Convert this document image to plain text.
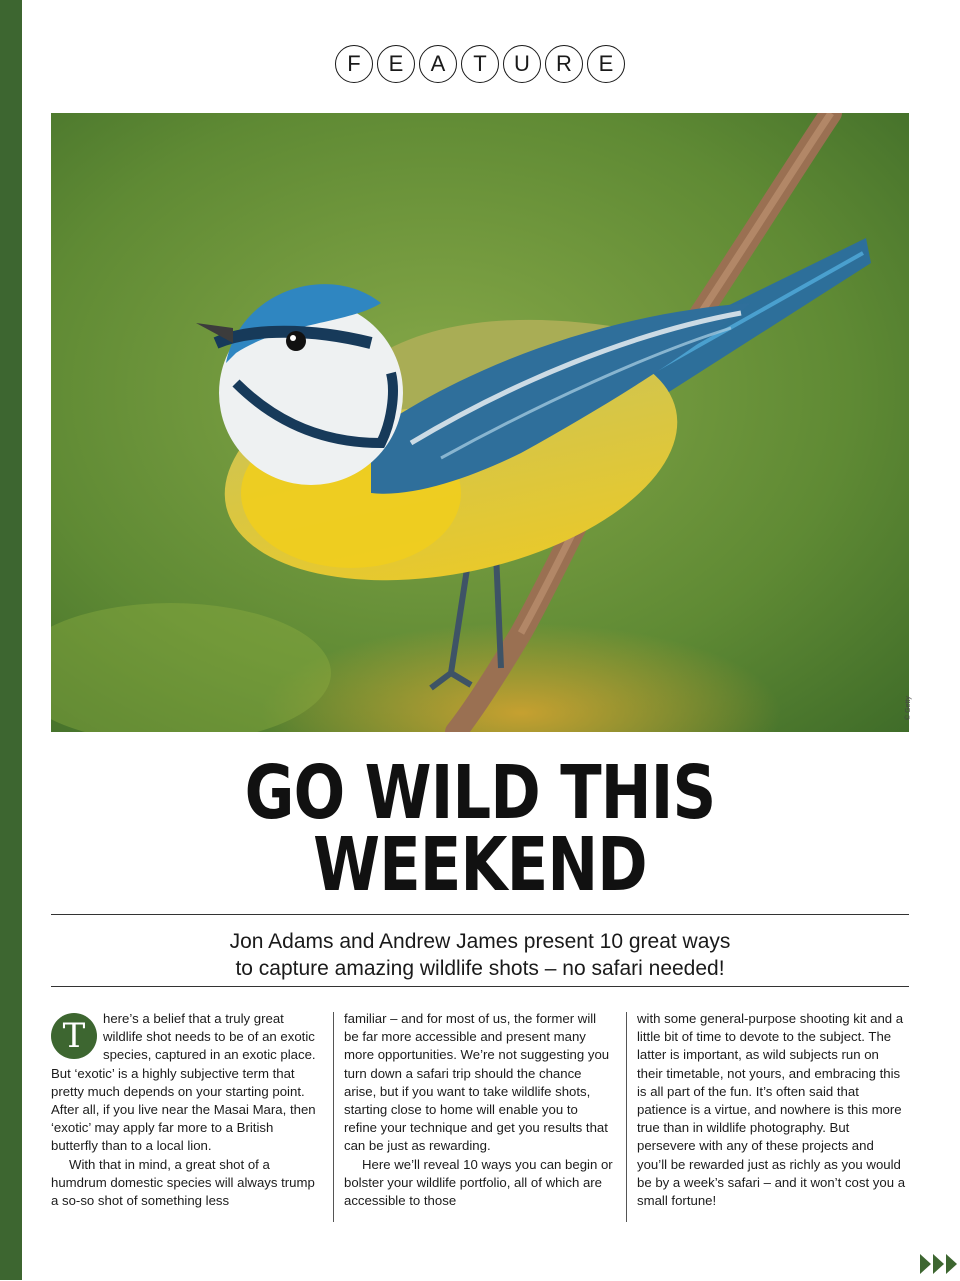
F	E	A	T	U	R	E
© Getty
GO WILD THIS
WEEKEND
Jon Adams and Andrew James present 10 great ways
to capture amazing wildlife shots – no safari needed!
T	here’s a belief that a truly great wildlife shot needs to be of an exotic species, captured in an exotic place. But ‘exotic’ is a highly subjective term that pretty much depends on your starting point. After all, if you live near the Masai Mara, then ‘exotic’ may apply far more to a British butterfly than to a local lion.

With that in mind, a great shot of a humdrum domestic species will always trump a so-so shot of something less

familiar – and for most of us, the former will be far more accessible and present many more opportunities. We’re not suggesting you turn down a safari trip should the chance arise, but if you want to take wildlife shots, starting close to home will enable you to refine your technique and get you results that can be just as rewarding.

Here we’ll reveal 10 ways you can begin or bolster your wildlife portfolio, all of which are accessible to those

with some general-purpose shooting kit and a little bit of time to devote to the subject. The latter is important, as wild subjects run on their timetable, not yours, and embracing this is all part of the fun. It’s often said that patience is a virtue, and nowhere is this more true than in wildlife photography. But persevere with any of these projects and you’ll be rewarded just as richly as you would be by a week’s safari – and it won’t cost you a small fortune!
